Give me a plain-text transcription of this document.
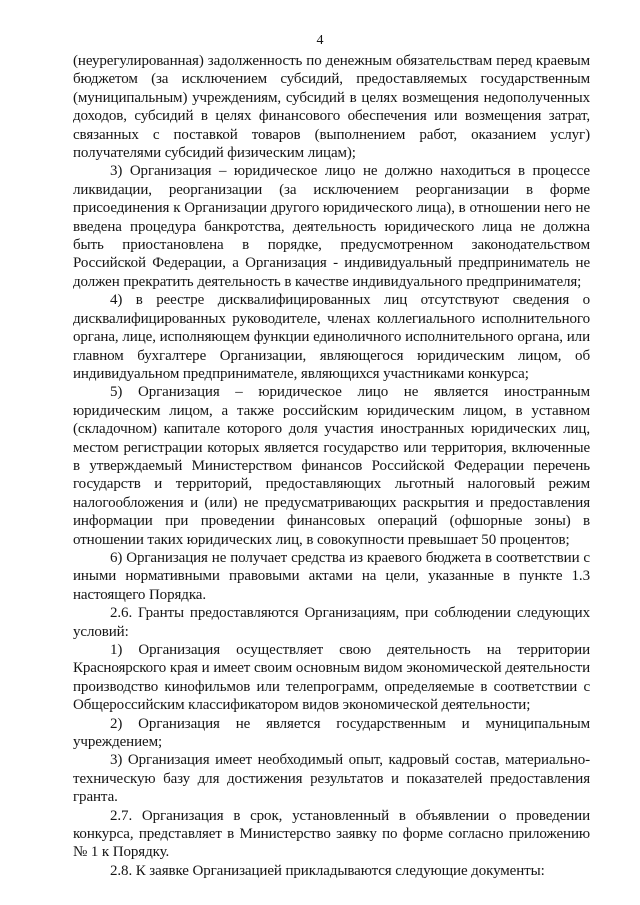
4

(неурегулированная) задолженность по денежным обязательствам перед краевым бюджетом (за исключением субсидий, предоставляемых государственным (муниципальным) учреждениям, субсидий в целях возмещения недополученных доходов, субсидий в целях финансового обеспечения или возмещения затрат, связанных с поставкой товаров (выполнением работ, оказанием услуг) получателями субсидий физическим лицам);

3) Организация – юридическое лицо не должно находиться в процессе ликвидации, реорганизации (за исключением реорганизации в форме присоединения к Организации другого юридического лица), в отношении него не введена процедура банкротства, деятельность юридического лица не должна быть приостановлена в порядке, предусмотренном законодательством Российской Федерации, а Организация - индивидуальный предприниматель не должен прекратить деятельность в качестве индивидуального предпринимателя;

4) в реестре дисквалифицированных лиц отсутствуют сведения о дисквалифицированных руководителе, членах коллегиального исполнительного органа, лице, исполняющем функции единоличного исполнительного органа, или главном бухгалтере Организации, являющегося юридическим лицом, об индивидуальном предпринимателе, являющихся участниками конкурса;

5) Организация – юридическое лицо не является иностранным юридическим лицом, а также российским юридическим лицом, в уставном (складочном) капитале которого доля участия иностранных юридических лиц, местом регистрации которых является государство или территория, включенные в утверждаемый Министерством финансов Российской Федерации перечень государств и территорий, предоставляющих льготный налоговый режим налогообложения и (или) не предусматривающих раскрытия и предоставления информации при проведении финансовых операций (офшорные зоны) в отношении таких юридических лиц, в совокупности превышает 50 процентов;

6) Организация не получает средства из краевого бюджета в соответствии с иными нормативными правовыми актами на цели, указанные в пункте 1.3 настоящего Порядка.

2.6. Гранты предоставляются Организациям, при соблюдении следующих условий:

1) Организация осуществляет свою деятельность на территории Красноярского края и имеет своим основным видом экономической деятельности производство кинофильмов или телепрограмм, определяемые в соответствии с Общероссийским классификатором видов экономической деятельности;

2) Организация не является государственным и муниципальным учреждением;

3) Организация имеет необходимый опыт, кадровый состав, материально-техническую базу для достижения результатов и показателей предоставления гранта.

2.7. Организация в срок, установленный в объявлении о проведении конкурса, представляет в Министерство заявку по форме согласно приложению № 1 к Порядку.

2.8. К заявке Организацией прикладываются следующие документы:
